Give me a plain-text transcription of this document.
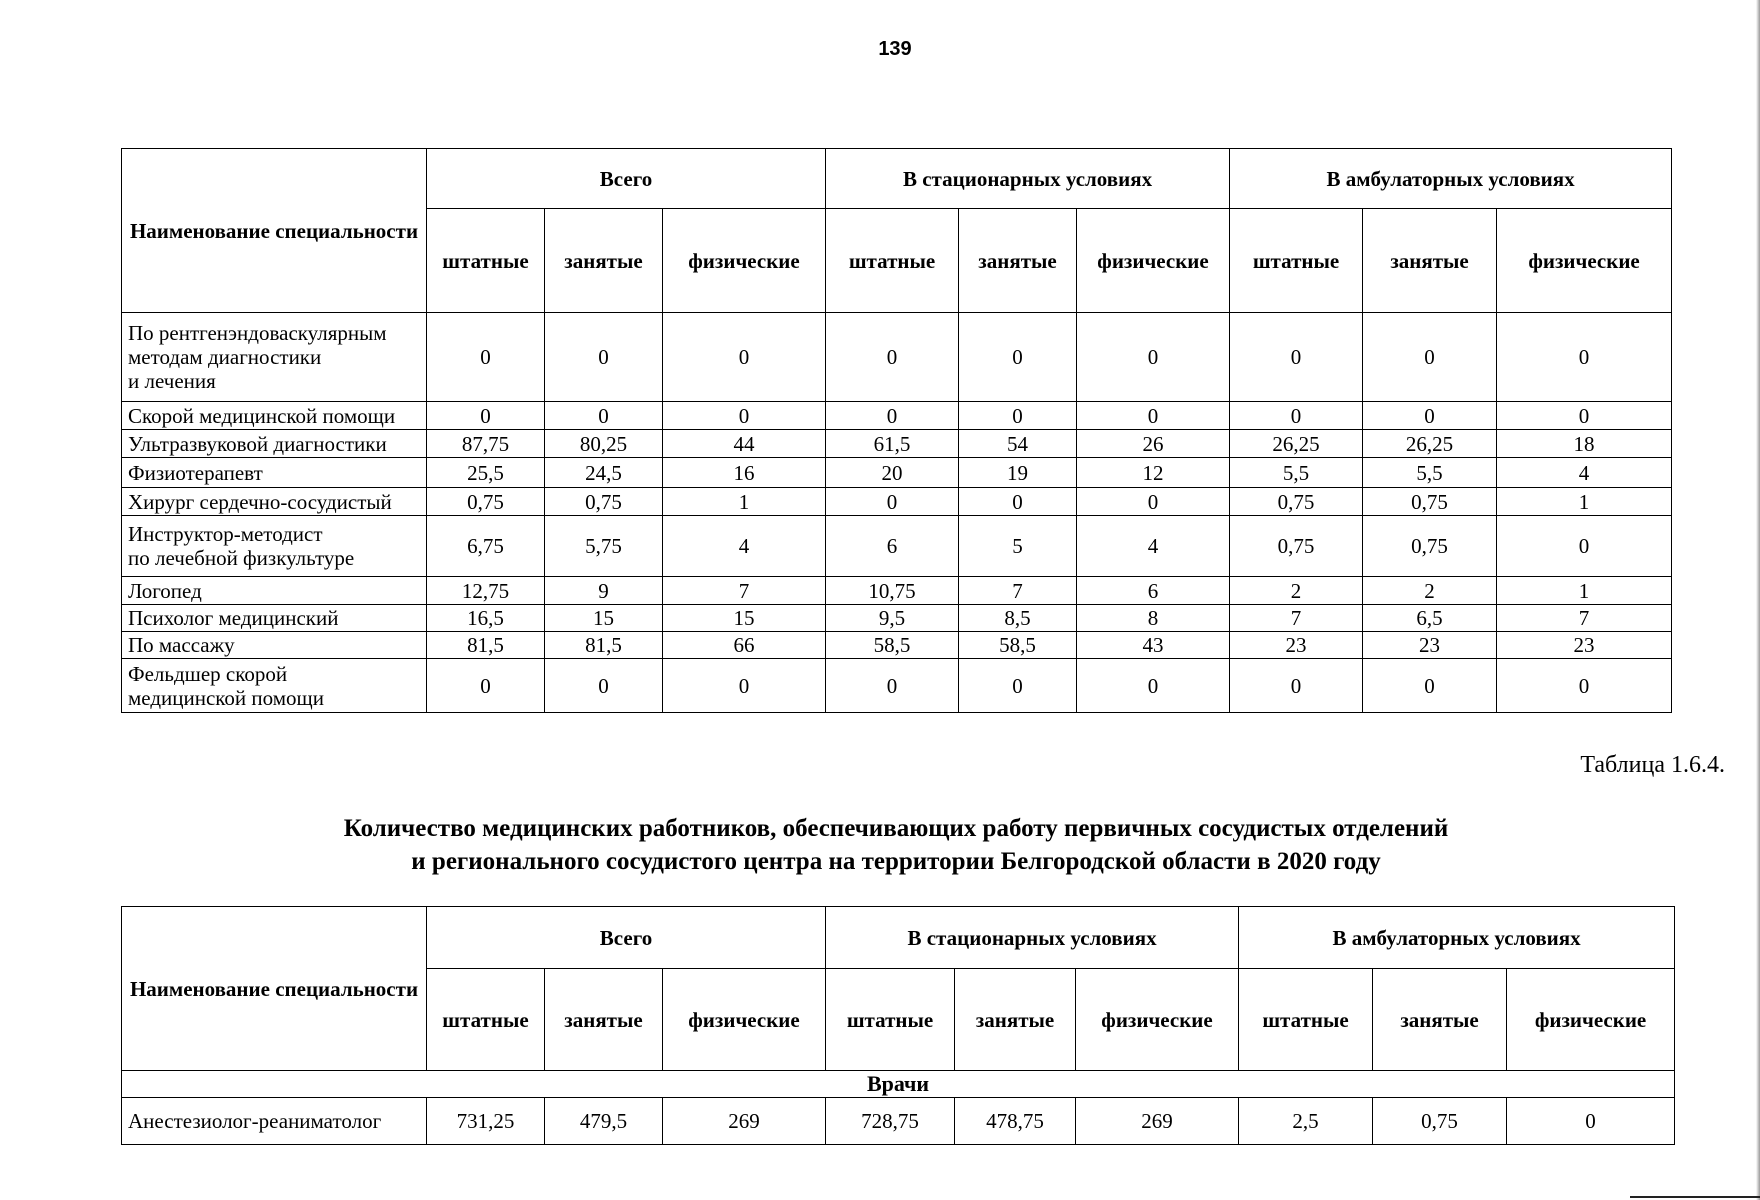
139
Наименование специальности	Всего			В стационарных условиях			В амбулаторных условиях		
	штатные	занятые	физические	штатные	занятые	физические	штатные	занятые	физические
По рентгенэндоваскулярным
методам диагностики
и лечения	0	0	0	0	0	0	0	0	0
Скорой медицинской помощи	0	0	0	0	0	0	0	0	0
Ультразвуковой диагностики	87,75	80,25	44	61,5	54	26	26,25	26,25	18
Физиотерапевт	25,5	24,5	16	20	19	12	5,5	5,5	4
Хирург сердечно-сосудистый	0,75	0,75	1	0	0	0	0,75	0,75	1
Инструктор-методист
по лечебной физкультуре	6,75	5,75	4	6	5	4	0,75	0,75	0
Логопед	12,75	9	7	10,75	7	6	2	2	1
Психолог медицинский	16,5	15	15	9,5	8,5	8	7	6,5	7
По массажу	81,5	81,5	66	58,5	58,5	43	23	23	23
Фельдшер скорой
медицинской помощи	0	0	0	0	0	0	0	0	0
Таблица 1.6.4.
Количество медицинских работников, обеспечивающих работу первичных сосудистых отделений
и регионального сосудистого центра на территории Белгородской области в 2020 году
Наименование специальности	Всего			В стационарных условиях			В амбулаторных условиях		
	штатные	занятые	физические	штатные	занятые	физические	штатные	занятые	физические
Врачи									
Анестезиолог-реаниматолог	731,25	479,5	269	728,75	478,75	269	2,5	0,75	0
